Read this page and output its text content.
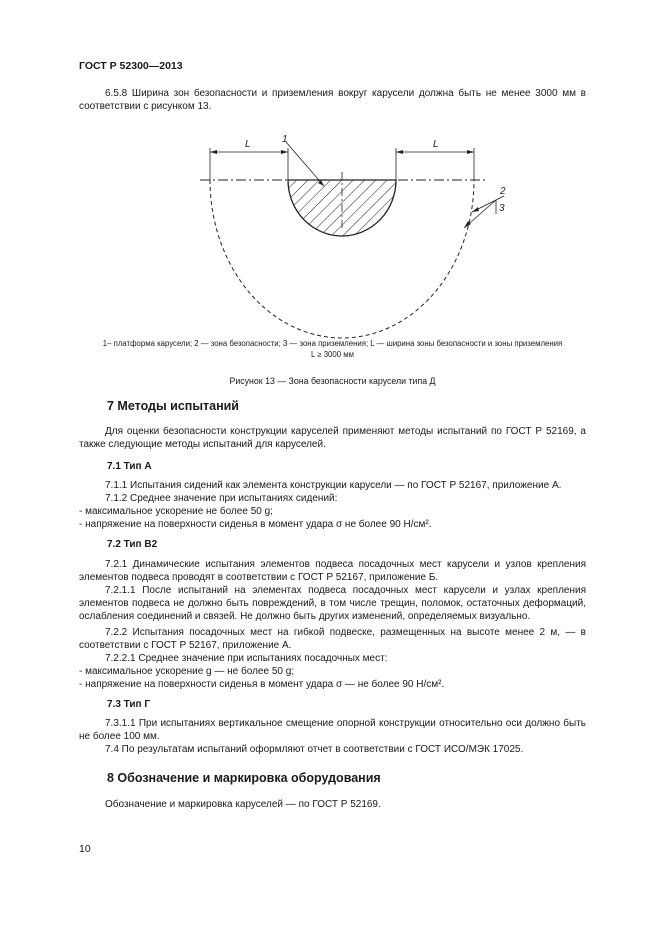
ГОСТ Р 52300—2013

6.5.8 Ширина зон безопасности и приземления вокруг карусели должна быть не менее 3000 мм в соответствии с рисунком 13.

1
L	L
2
3

1– платформа карусели; 2 — зона безопасности; 3 — зона приземления; L — ширина зоны безопасности и зоны приземления

L ≥ 3000 мм

Рисунок 13 — Зона безопасности карусели типа Д

7 Методы испытаний

Для оценки безопасности конструкции каруселей применяют методы испытаний по ГОСТ Р 52169, а также следующие методы испытаний для каруселей.

7.1 Тип А

7.1.1 Испытания сидений как элемента конструкции карусели — по ГОСТ Р 52167, приложение А.

7.1.2 Среднее значение при испытаниях сидений:

- максимальное ускорение не более 50 g;

- напряжение на поверхности сиденья в момент удара σ не более 90 Н/см².

7.2 Тип В2

7.2.1 Динамические испытания элементов подвеса посадочных мест карусели и узлов крепления элементов подвеса проводят в соответствии с ГОСТ Р 52167, приложение Б.

7.2.1.1 После испытаний на элементах подвеса посадочных мест карусели и узлах крепления элементов подвеса не должно быть повреждений, в том числе трещин, поломок, остаточных деформаций, ослабления соединений и связей. Не должно быть других изменений, определяемых визуально.

7.2.2 Испытания посадочных мест на гибкой подвеске, размещенных на высоте менее 2 м, — в соответствии с ГОСТ Р 52167, приложение А.

7.2.2.1 Среднее значение при испытаниях посадочных мест:

- максимальное ускорение g — не более 50 g;

- напряжение на поверхности сиденья в момент удара σ — не более 90 Н/см².

7.3 Тип Г

7.3.1.1 При испытаниях вертикальное смещение опорной конструкции относительно оси должно быть не более 100 мм.

7.4 По результатам испытаний оформляют отчет в соответствии с ГОСТ ИСО/МЭК 17025.

8 Обозначение и маркировка оборудования

Обозначение и маркировка каруселей — по ГОСТ Р 52169.

10
